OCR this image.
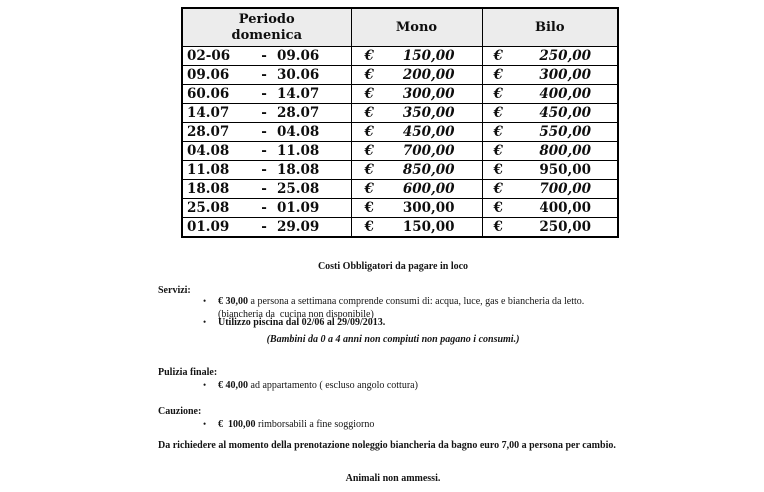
Periodo
domenica	Mono	Bilo

02-06 - 09.06	€ 150,00	€ 250,00

09.06 - 30.06	€ 200,00	€ 300,00

60.06 - 14.07	€ 300,00	€ 400,00

14.07 - 28.07	€ 350,00	€ 450,00

28.07 - 04.08	€ 450,00	€ 550,00

04.08 - 11.08	€ 700,00	€ 800,00

11.08 - 18.08	€ 850,00	€ 950,00

18.08 - 25.08	€ 600,00	€ 700,00

25.08 - 01.09	€ 300,00	€ 400,00

01.09 - 29.09	€ 150,00	€ 250,00
Costi Obbligatori da pagare in loco
Servizi:
• € 30,00 a persona a settimana comprende consumi di: acqua, luce, gas e biancheria da letto.
(biancheria da  cucina non disponibile)
• Utilizzo piscina dal 02/06 al 29/09/2013.
(Bambini da 0 a 4 anni non compiuti non pagano i consumi.)
Pulizia finale:
• € 40,00 ad appartamento ( escluso angolo cottura)
Cauzione:
• €  100,00 rimborsabili a fine soggiorno
Da richiedere al momento della prenotazione noleggio biancheria da bagno euro 7,00 a persona per cambio.
Animali non ammessi.
